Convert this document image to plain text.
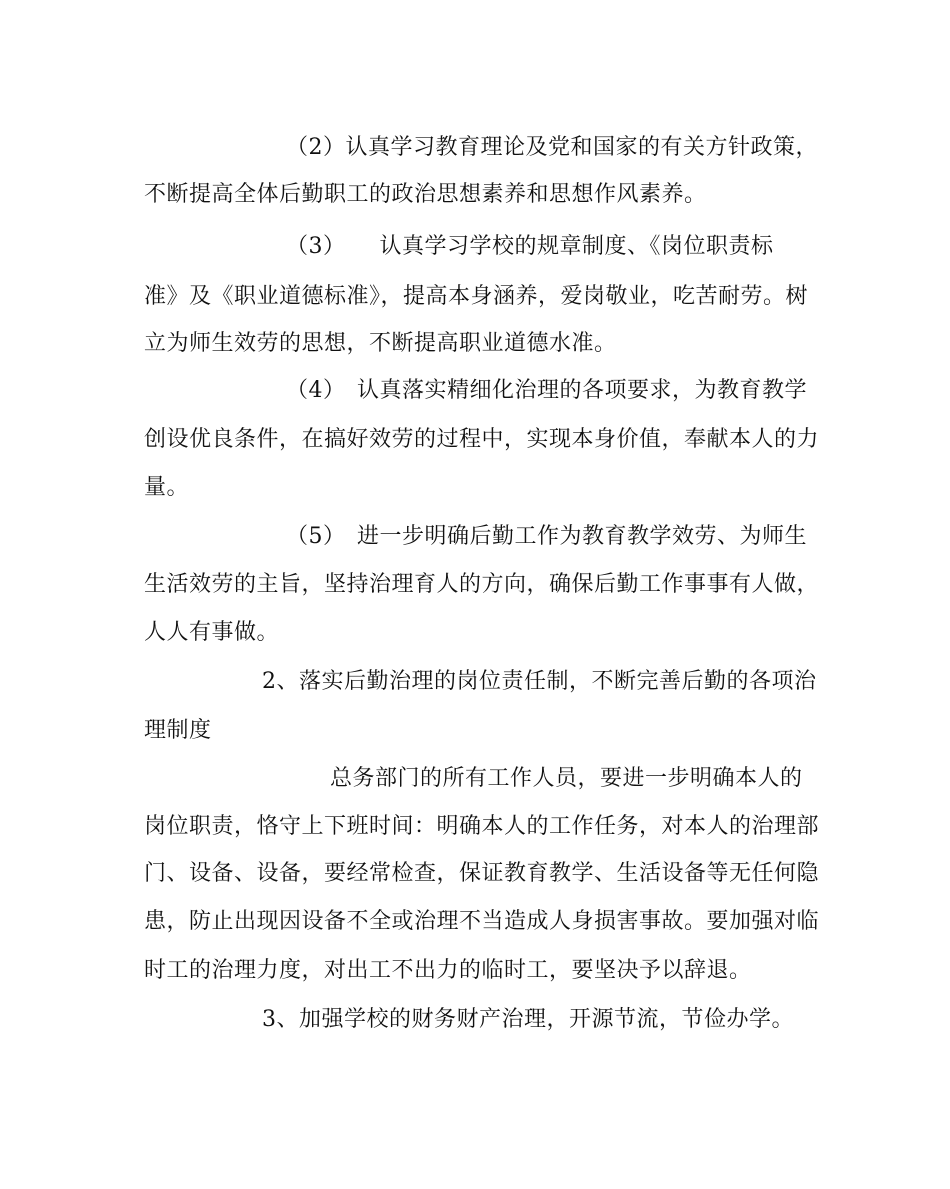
（2）认真学习教育理论及党和国家的有关方针政策，
不断提高全体后勤职工的政治思想素养和思想作风素养。
（3）　　认真学习学校的规章制度、《岗位职责标
准》及《职业道德标准》，提高本身涵养，爱岗敬业，吃苦耐劳。树
立为师生效劳的思想，不断提高职业道德水准。
（4）　认真落实精细化治理的各项要求，为教育教学
创设优良条件，在搞好效劳的过程中，实现本身价值，奉献本人的力
量。
（5）　进一步明确后勤工作为教育教学效劳、为师生
生活效劳的主旨，坚持治理育人的方向，确保后勤工作事事有人做，
人人有事做。
2、落实后勤治理的岗位责任制，不断完善后勤的各项治
理制度
总务部门的所有工作人员，要进一步明确本人的
岗位职责，恪守上下班时间：明确本人的工作任务，对本人的治理部
门、设备、设备，要经常检查，保证教育教学、生活设备等无任何隐
患，防止出现因设备不全或治理不当造成人身损害事故。要加强对临
时工的治理力度，对出工不出力的临时工，要坚决予以辞退。
3、加强学校的财务财产治理，开源节流，节俭办学。
